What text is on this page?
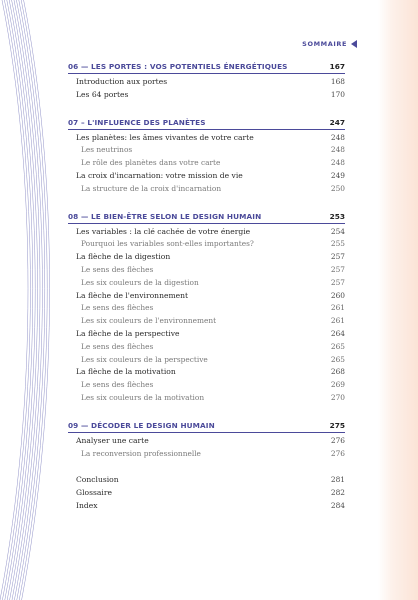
SOMMAIRE
06 — LES PORTES : VOS POTENTIELS ÉNERGÉTIQUES	167
Introduction aux portes	168
Les 64 portes	170
07 – L'INFLUENCE DES PLANÈTES	247
Les planètes: les âmes vivantes de votre carte	248
Les neutrinos	248
Le rôle des planètes dans votre carte	248
La croix d'incarnation: votre mission de vie	249
La structure de la croix d'incarnation	250
08 — LE BIEN-ÊTRE SELON LE DESIGN HUMAIN	253
Les variables : la clé cachée de votre énergie	254
Pourquoi les variables sont-elles importantes?	255
La flèche de la digestion	257
Le sens des flèches	257
Les six couleurs de la digestion	257
La flèche de l'environnement	260
Le sens des flèches	261
Les six couleurs de l'environnement	261
La flèche de la perspective	264
Le sens des flèches	265
Les six couleurs de la perspective	265
La flèche de la motivation	268
Le sens des flèches	269
Les six couleurs de la motivation	270
09 — DÉCODER LE DESIGN HUMAIN	275
Analyser une carte	276
La reconversion professionnelle	276
Conclusion	281
Glossaire	282
Index	284
